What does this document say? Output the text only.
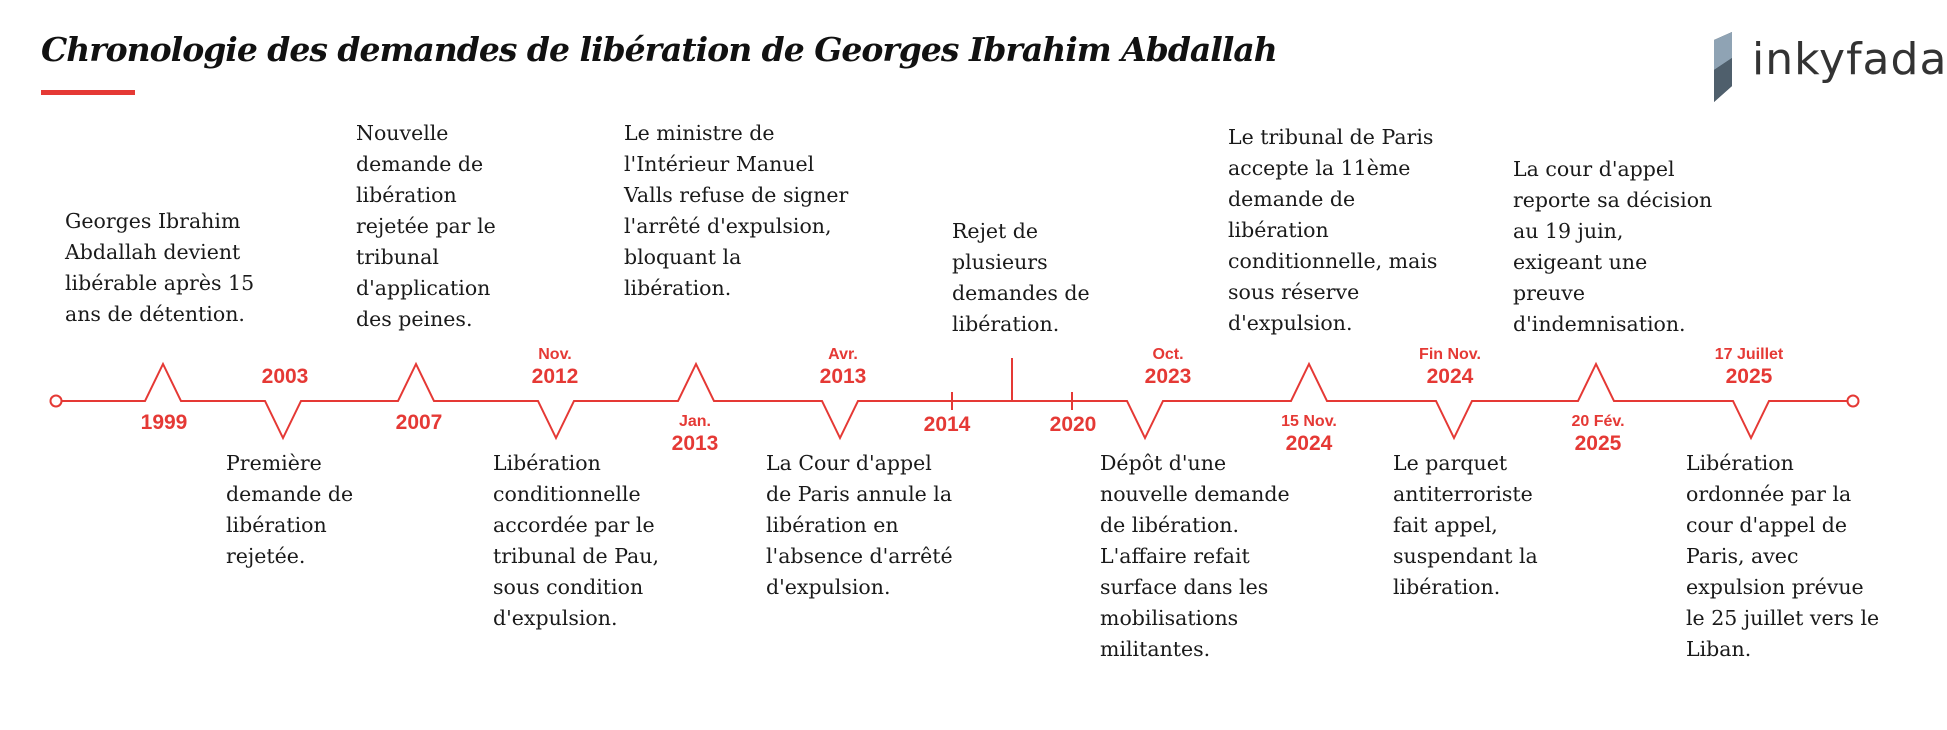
Chronologie des demandes de libération de Georges Ibrahim Abdallah	inkyfada
2003
Nov.
2012
Avr.
2013
Oct.
2023
Fin Nov.
2024
17 Juillet
2025
1999	2007	Jan.
2013
2014	2020	15 Nov.
2024
20 Fév.
2025
Georges Ibrahim Abdallah devient libérable après 15 ans de détention.
Nouvelle demande de libération rejetée par le tribunal d'application des peines.
Le ministre de l'Intérieur Manuel Valls refuse de signer l'arrêté d'expulsion, bloquant la libération.
Rejet de plusieurs demandes de libération.
Le tribunal de Paris accepte la 11ème demande de libération conditionnelle, mais sous réserve d'expulsion.
La cour d'appel reporte sa décision au 19 juin, exigeant une preuve d'indemnisation.
Première demande de libération rejetée.
Libération conditionnelle accordée par le tribunal de Pau, sous condition d'expulsion.
La Cour d'appel de Paris annule la libération en l'absence d'arrêté d'expulsion.
Dépôt d'une nouvelle demande de libération. L'affaire refait surface dans les mobilisations militantes.
Le parquet antiterroriste fait appel, suspendant la libération.
Libération ordonnée par la cour d'appel de Paris, avec expulsion prévue le 25 juillet vers le Liban.
